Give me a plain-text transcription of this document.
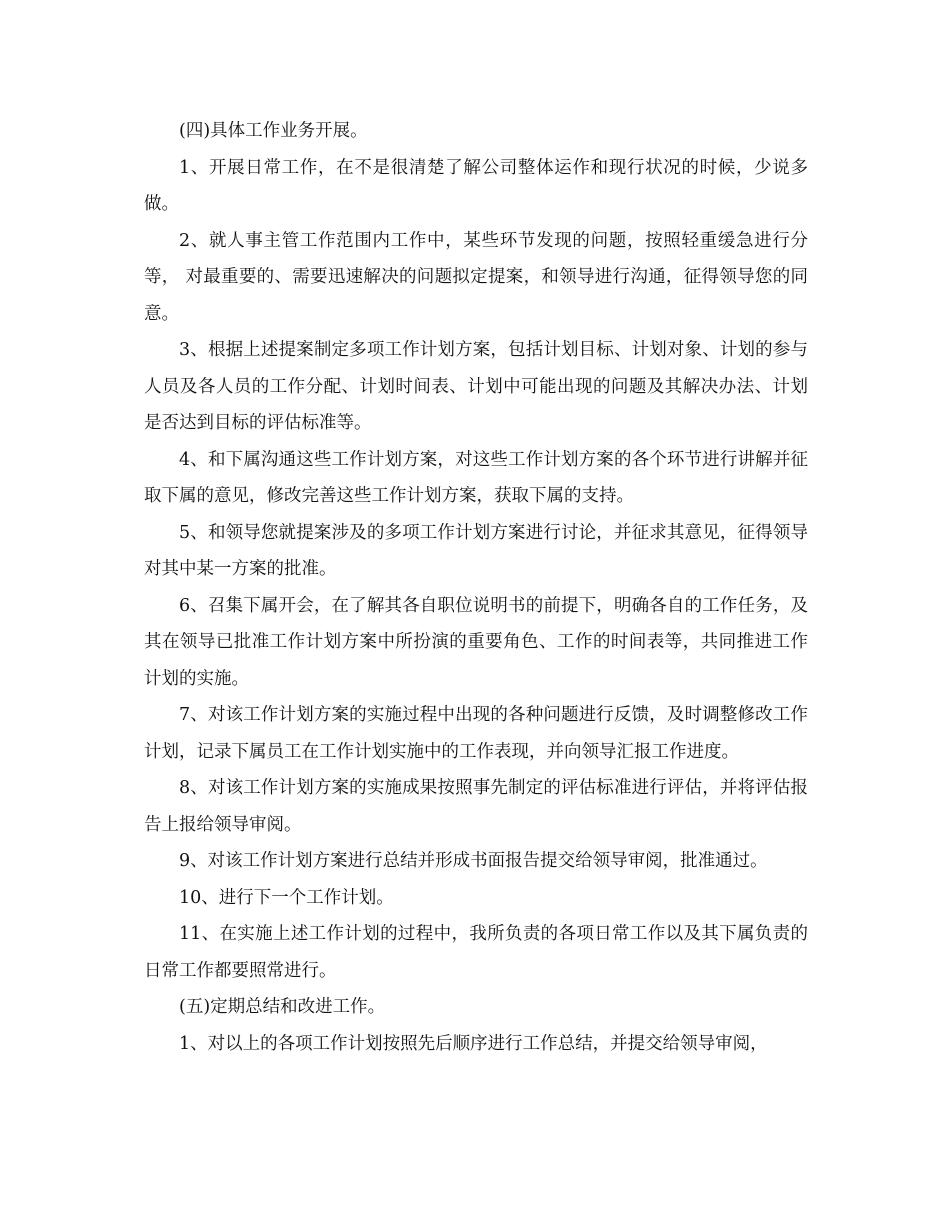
(四)具体工作业务开展。

1、开展日常工作，在不是很清楚了解公司整体运作和现行状况的时候，少说多做。

2、就人事主管工作范围内工作中，某些环节发现的问题，按照轻重缓急进行分等， 对最重要的、需要迅速解决的问题拟定提案，和领导进行沟通，征得领导您的同意。

3、根据上述提案制定多项工作计划方案，包括计划目标、计划对象、计划的参与人员及各人员的工作分配、计划时间表、计划中可能出现的问题及其解决办法、计划是否达到目标的评估标准等。

4、和下属沟通这些工作计划方案，对这些工作计划方案的各个环节进行讲解并征取下属的意见，修改完善这些工作计划方案，获取下属的支持。

5、和领导您就提案涉及的多项工作计划方案进行讨论，并征求其意见，征得领导对其中某一方案的批准。

6、召集下属开会，在了解其各自职位说明书的前提下，明确各自的工作任务，及其在领导已批准工作计划方案中所扮演的重要角色、工作的时间表等，共同推进工作计划的实施。

7、对该工作计划方案的实施过程中出现的各种问题进行反馈，及时调整修改工作计划，记录下属员工在工作计划实施中的工作表现，并向领导汇报工作进度。

8、对该工作计划方案的实施成果按照事先制定的评估标准进行评估，并将评估报告上报给领导审阅。

9、对该工作计划方案进行总结并形成书面报告提交给领导审阅，批准通过。

10、进行下一个工作计划。

11、在实施上述工作计划的过程中，我所负责的各项日常工作以及其下属负责的日常工作都要照常进行。

(五)定期总结和改进工作。

1、对以上的各项工作计划按照先后顺序进行工作总结，并提交给领导审阅，
